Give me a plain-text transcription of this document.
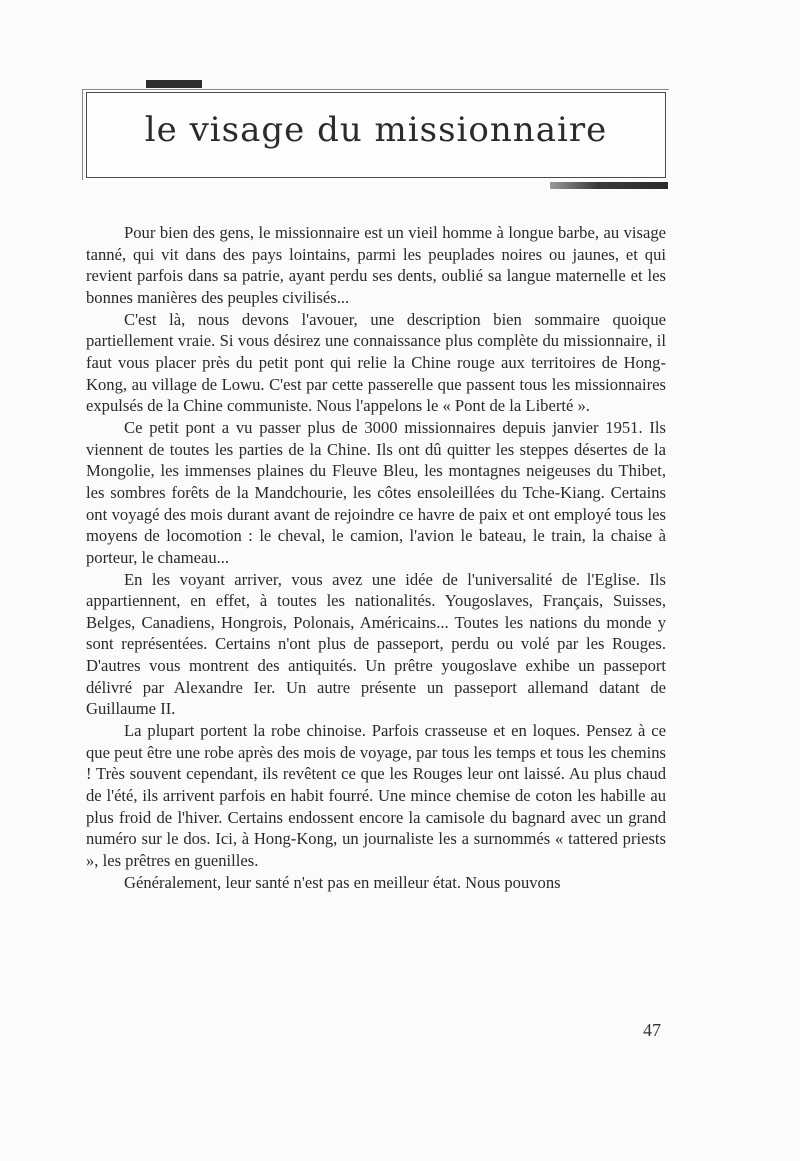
le visage du missionnaire

Pour bien des gens, le missionnaire est un vieil homme à longue barbe, au visage tanné, qui vit dans des pays lointains, parmi les peuplades noires ou jaunes, et qui revient parfois dans sa patrie, ayant perdu ses dents, oublié sa langue maternelle et les bonnes manières des peuples civilisés...

C'est là, nous devons l'avouer, une description bien sommaire quoique partiellement vraie. Si vous désirez une connaissance plus complète du missionnaire, il faut vous placer près du petit pont qui relie la Chine rouge aux territoires de Hong-Kong, au village de Lowu. C'est par cette passerelle que passent tous les missionnaires expulsés de la Chine communiste. Nous l'appelons le « Pont de la Liberté ».

Ce petit pont a vu passer plus de 3000 missionnaires depuis janvier 1951. Ils viennent de toutes les parties de la Chine. Ils ont dû quitter les steppes désertes de la Mongolie, les immenses plaines du Fleuve Bleu, les montagnes neigeuses du Thibet, les sombres forêts de la Mandchourie, les côtes ensoleillées du Tche-Kiang. Certains ont voyagé des mois durant avant de rejoindre ce havre de paix et ont employé tous les moyens de locomotion : le cheval, le camion, l'avion le bateau, le train, la chaise à porteur, le chameau...

En les voyant arriver, vous avez une idée de l'universalité de l'Eglise. Ils appartiennent, en effet, à toutes les nationalités. Yougoslaves, Français, Suisses, Belges, Canadiens, Hongrois, Polonais, Américains... Toutes les nations du monde y sont représentées. Certains n'ont plus de passeport, perdu ou volé par les Rouges. D'autres vous montrent des antiquités. Un prêtre yougoslave exhibe un passeport délivré par Alexandre Ier. Un autre présente un passeport allemand datant de Guillaume II.

La plupart portent la robe chinoise. Parfois crasseuse et en loques. Pensez à ce que peut être une robe après des mois de voyage, par tous les temps et tous les chemins ! Très souvent cependant, ils revêtent ce que les Rouges leur ont laissé. Au plus chaud de l'été, ils arrivent parfois en habit fourré. Une mince chemise de coton les habille au plus froid de l'hiver. Certains endossent encore la camisole du bagnard avec un grand numéro sur le dos. Ici, à Hong-Kong, un journaliste les a surnommés « tattered priests », les prêtres en guenilles.

Généralement, leur santé n'est pas en meilleur état. Nous pouvons

47
